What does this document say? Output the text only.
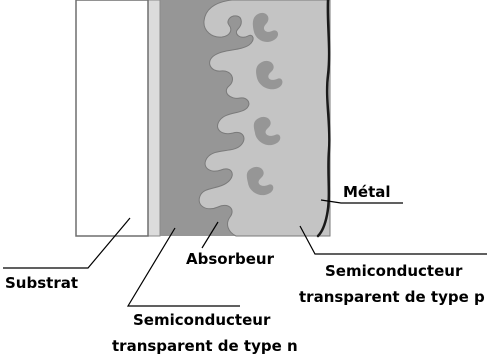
Substrat
Absorbeur
Métal
Semiconducteur
transparent de type p
Semiconducteur
transparent de type n
